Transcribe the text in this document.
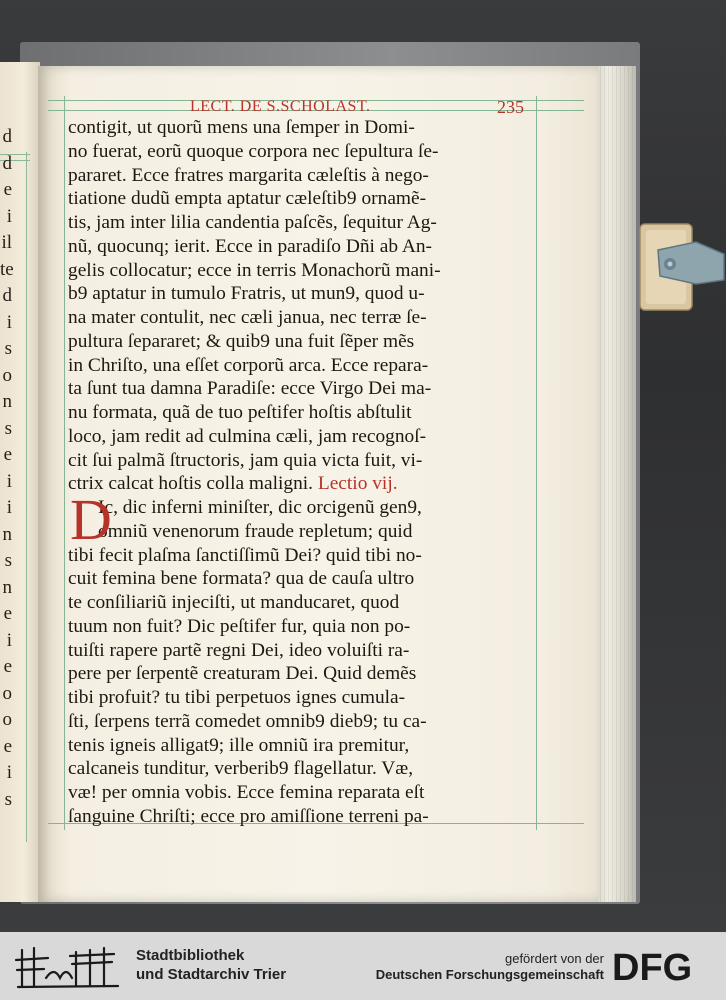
d
d
e
i
il
te
d
i
s
o
n
s
e
i
i
n
s
n
e
i
e
o
o
e
i
s
LECT. DE S.SCHOLAST.	235
contigit, ut quorũ mens una ſemper in Domi-
no fuerat, eorũ quoque corpora nec ſepultura ſe-
pararet. Ecce fratres margarita cæleſtis à nego-
tiatione dudũ empta aptatur cæleſtib9 ornamẽ-
tis, jam inter lilia candentia paſcẽs, ſequitur Ag-
nũ, quocunq; ierit. Ecce in paradiſo Dñi ab An-
gelis collocatur; ecce in terris Monachorũ mani-
b9 aptatur in tumulo Fratris, ut mun9, quod u-
na mater contulit, nec cæli janua, nec terræ ſe-
pultura ſepararet; & quib9 una fuit ſẽper mẽs
in Chriſto, una eſſet corporũ arca. Ecce repara-
ta ſunt tua damna Paradiſe: ecce Virgo Dei ma-
nu formata, quã de tuo peſtifer hoſtis abſtulit
loco, jam redit ad culmina cæli, jam recognoſ-
cit ſui palmã ſtructoris, jam quia victa fuit, vi-
ctrix calcat hoſtis colla maligni. Lectio vij.
Ic, dic inferni miniſter, dic orcigenũ gen9,
omniũ venenorum fraude repletum; quid
tibi fecit plaſma ſanctiſſimũ Dei? quid tibi no-
cuit femina bene formata? qua de cauſa ultro
te conſiliariũ injeciſti, ut manducaret, quod
tuum non fuit? Dic peſtifer fur, quia non po-
tuiſti rapere partẽ regni Dei, ideo voluiſti ra-
pere per ſerpentẽ creaturam Dei. Quid demẽs
tibi profuit? tu tibi perpetuos ignes cumula-
ſti, ſerpens terrã comedet omnib9 dieb9; tu ca-
tenis igneis alligat9; ille omniũ ira premitur,
calcaneis tunditur, verberib9 flagellatur. Væ,
væ! per omnia vobis. Ecce femina reparata eſt
ſanguine Chriſti; ecce pro amiſſione terreni pa-
D
Stadtbibliothek
und Stadtarchiv Trier
gefördert von der
Deutschen Forschungsgemeinschaft DFG
